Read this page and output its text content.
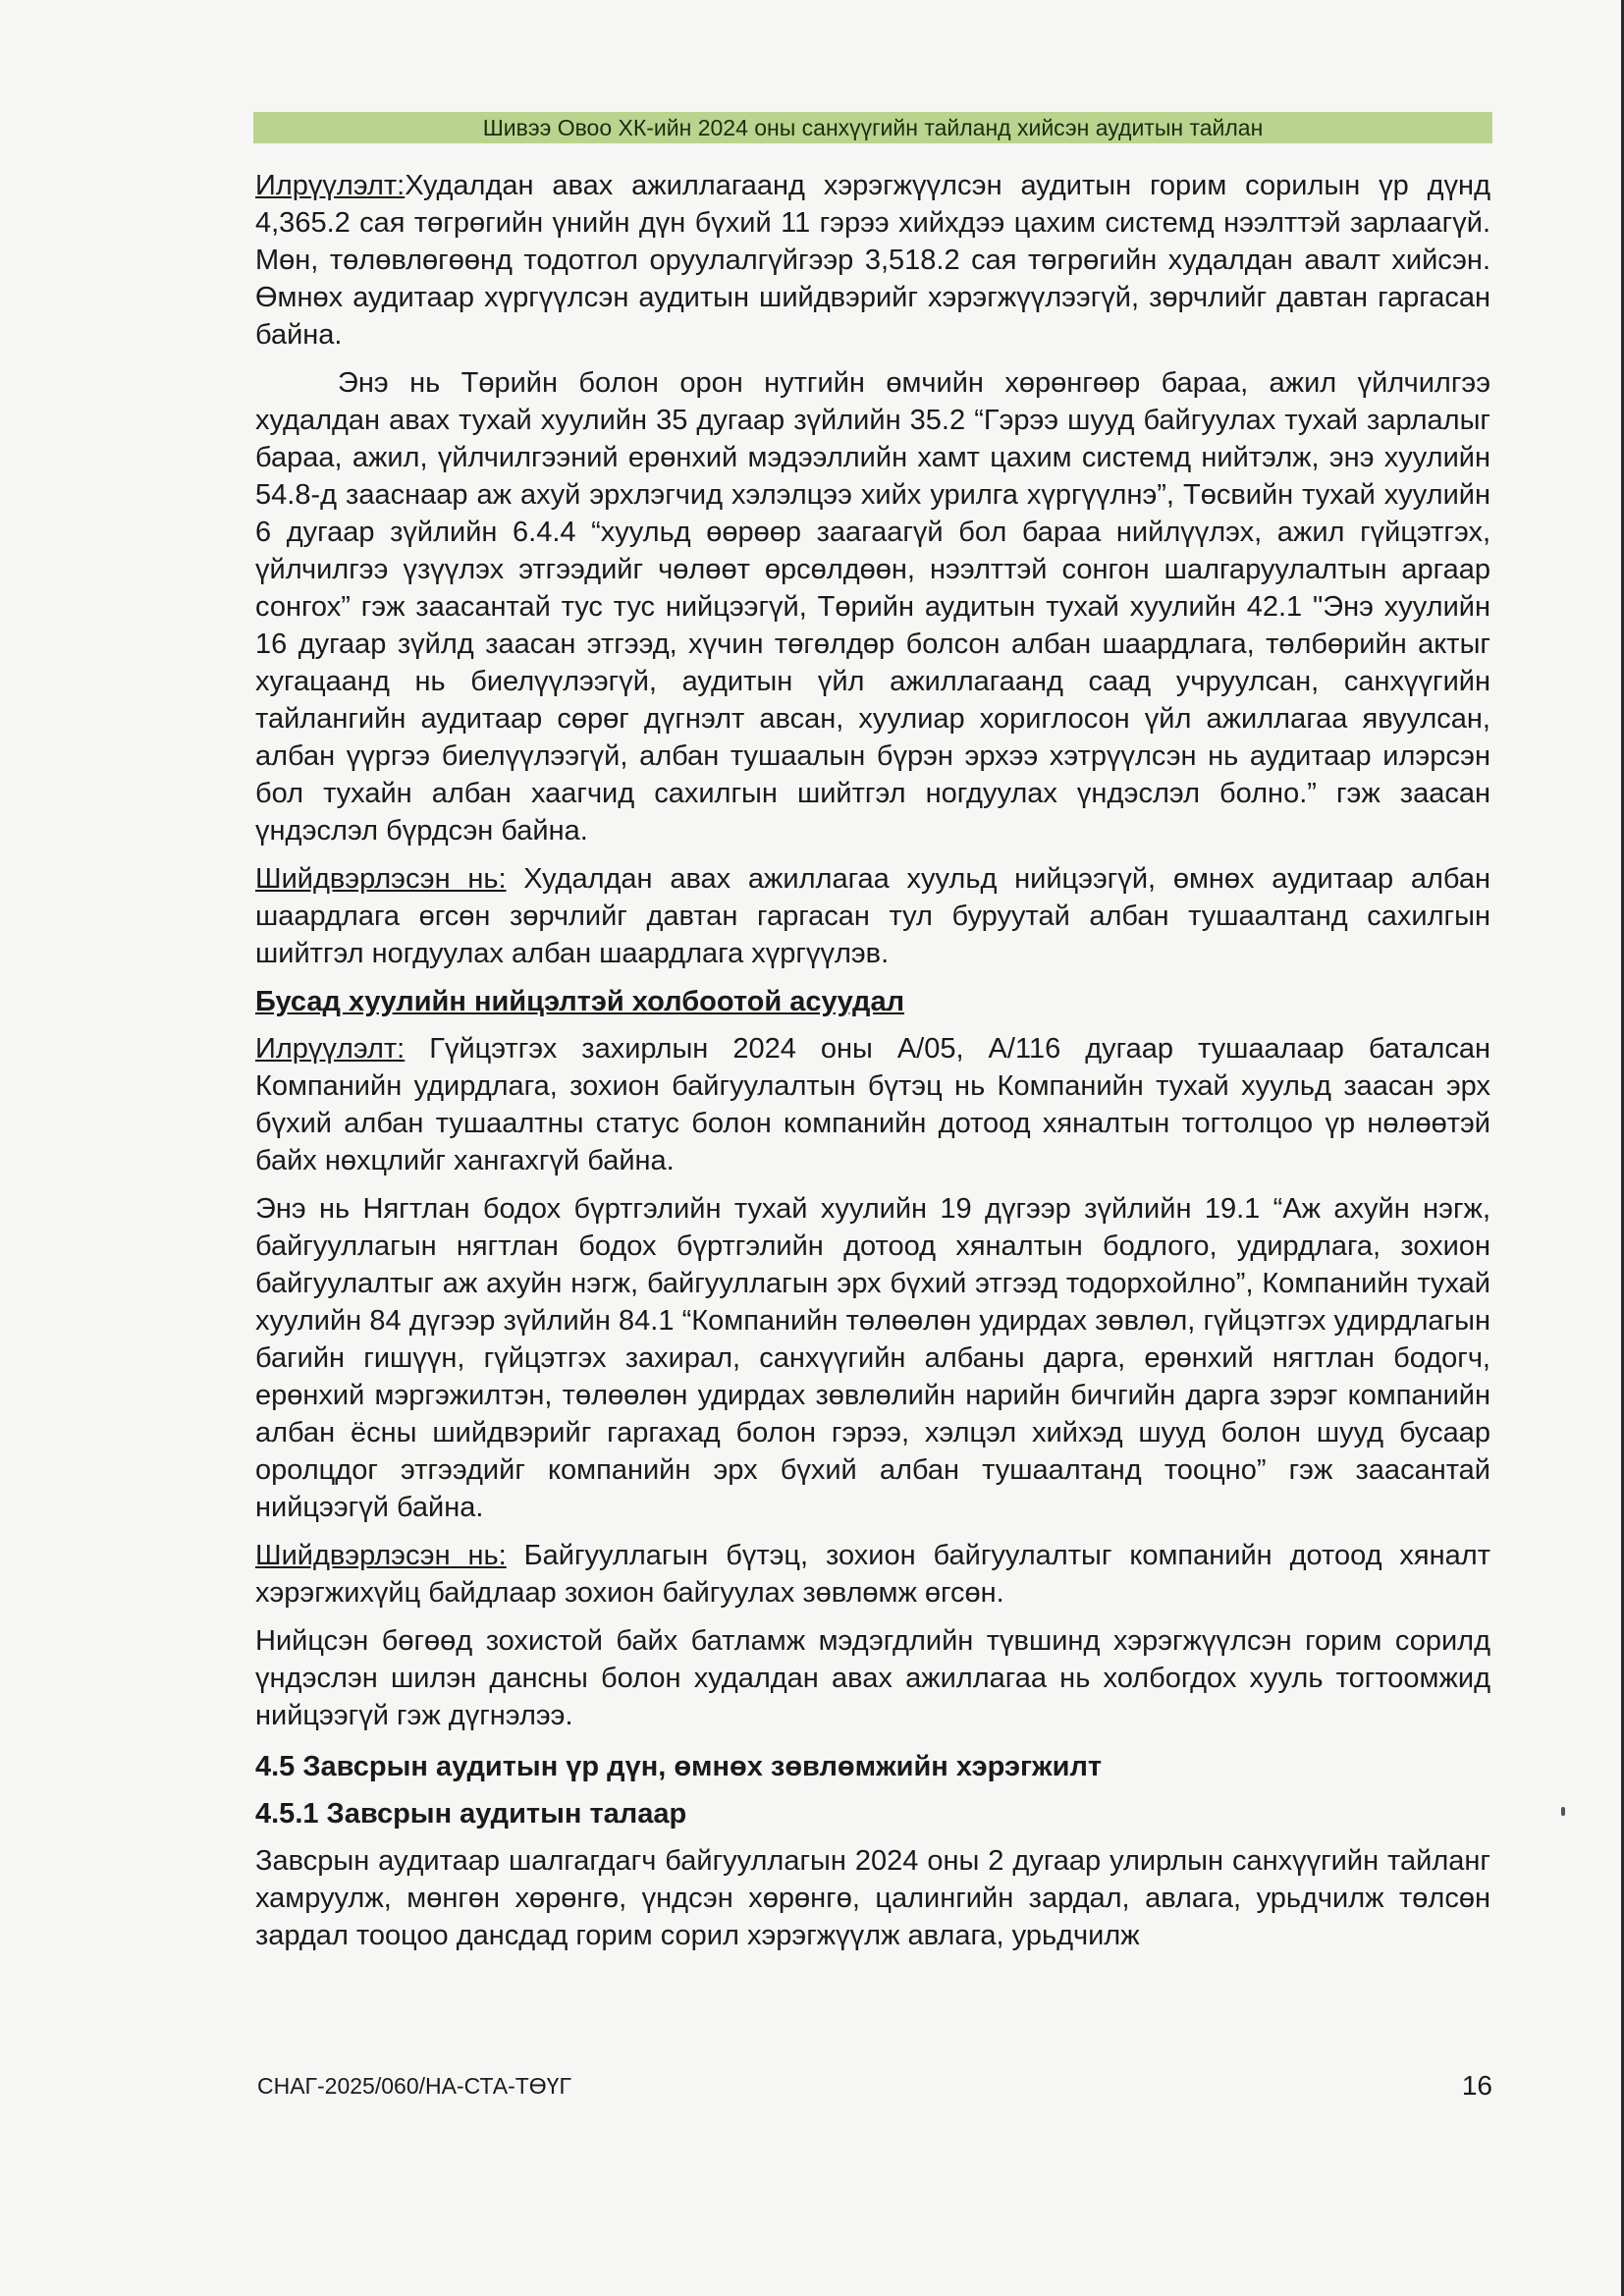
Шивээ Овоо ХК-ийн 2024 оны санхүүгийн тайланд хийсэн аудитын тайлан

Илрүүлэлт:Худалдан авах ажиллагаанд хэрэгжүүлсэн аудитын горим сорилын үр дүнд 4,365.2 сая төгрөгийн үнийн дүн бүхий 11 гэрээ хийхдээ цахим системд нээлттэй зарлаагүй. Мөн, төлөвлөгөөнд тодотгол оруулалгүйгээр 3,518.2 сая төгрөгийн худалдан авалт хийсэн. Өмнөх аудитаар хүргүүлсэн аудитын шийдвэрийг хэрэгжүүлээгүй, зөрчлийг давтан гаргасан байна.

Энэ нь Төрийн болон орон нутгийн өмчийн хөрөнгөөр бараа, ажил үйлчилгээ худалдан авах тухай хуулийн 35 дугаар зүйлийн 35.2 “Гэрээ шууд байгуулах тухай зарлалыг бараа, ажил, үйлчилгээний ерөнхий мэдээллийн хамт цахим системд нийтэлж, энэ хуулийн 54.8-д зааснаар аж ахуй эрхлэгчид хэлэлцээ хийх урилга хүргүүлнэ”, Төсвийн тухай хуулийн 6 дугаар зүйлийн 6.4.4 “хуульд өөрөөр заагаагүй бол бараа нийлүүлэх, ажил гүйцэтгэх, үйлчилгээ үзүүлэх этгээдийг чөлөөт өрсөлдөөн, нээлттэй сонгон шалгаруулалтын аргаар сонгох” гэж заасантай тус тус нийцээгүй, Төрийн аудитын тухай хуулийн 42.1 "Энэ хуулийн 16 дугаар зүйлд заасан этгээд, хүчин төгөлдөр болсон албан шаардлага, төлбөрийн актыг хугацаанд нь биелүүлээгүй, аудитын үйл ажиллагаанд саад учруулсан, санхүүгийн тайлангийн аудитаар сөрөг дүгнэлт авсан, хуулиар хориглосон үйл ажиллагаа явуулсан, албан үүргээ биелүүлээгүй, албан тушаалын бүрэн эрхээ хэтрүүлсэн нь аудитаар илэрсэн бол тухайн албан хаагчид сахилгын шийтгэл ногдуулах үндэслэл болно.” гэж заасан үндэслэл бүрдсэн байна.

Шийдвэрлэсэн нь: Худалдан авах ажиллагаа хуульд нийцээгүй, өмнөх аудитаар албан шаардлага өгсөн зөрчлийг давтан гаргасан тул буруутай албан тушаалтанд сахилгын шийтгэл ногдуулах албан шаардлага хүргүүлэв.

Бусад хуулийн нийцэлтэй холбоотой асуудал

Илрүүлэлт: Гүйцэтгэх захирлын 2024 оны А/05, А/116 дугаар тушаалаар баталсан Компанийн удирдлага, зохион байгуулалтын бүтэц нь Компанийн тухай хуульд заасан эрх бүхий албан тушаалтны статус болон компанийн дотоод хяналтын тогтолцоо үр нөлөөтэй байх нөхцлийг хангахгүй байна.

Энэ нь Нягтлан бодох бүртгэлийн тухай хуулийн 19 дүгээр зүйлийн 19.1 “Аж ахуйн нэгж, байгууллагын нягтлан бодох бүртгэлийн дотоод хяналтын бодлого, удирдлага, зохион байгуулалтыг аж ахуйн нэгж, байгууллагын эрх бүхий этгээд тодорхойлно”, Компанийн тухай хуулийн 84 дүгээр зүйлийн 84.1 “Компанийн төлөөлөн удирдах зөвлөл, гүйцэтгэх удирдлагын багийн гишүүн, гүйцэтгэх захирал, санхүүгийн албаны дарга, ерөнхий нягтлан бодогч, ерөнхий мэргэжилтэн, төлөөлөн удирдах зөвлөлийн нарийн бичгийн дарга зэрэг компанийн албан ёсны шийдвэрийг гаргахад болон гэрээ, хэлцэл хийхэд шууд болон шууд бусаар оролцдог этгээдийг компанийн эрх бүхий албан тушаалтанд тооцно” гэж заасантай нийцээгүй байна.

Шийдвэрлэсэн нь: Байгууллагын бүтэц, зохион байгуулалтыг компанийн дотоод хяналт хэрэгжихүйц байдлаар зохион байгуулах зөвлөмж өгсөн.

Нийцсэн бөгөөд зохистой байх батламж мэдэгдлийн түвшинд хэрэгжүүлсэн горим сорилд үндэслэн шилэн дансны болон худалдан авах ажиллагаа нь холбогдох хууль тогтоомжид нийцээгүй гэж дүгнэлээ.

4.5 Завсрын аудитын үр дүн, өмнөх зөвлөмжийн хэрэгжилт

4.5.1 Завсрын аудитын талаар

Завсрын аудитаар шалгагдагч байгууллагын 2024 оны 2 дугаар улирлын санхүүгийн тайланг хамруулж, мөнгөн хөрөнгө, үндсэн хөрөнгө, цалингийн зардал, авлага, урьдчилж төлсөн зардал тооцоо дансдад горим сорил хэрэгжүүлж авлага, урьдчилж

СНАГ-2025/060/НА-СТА-ТӨҮГ	16
